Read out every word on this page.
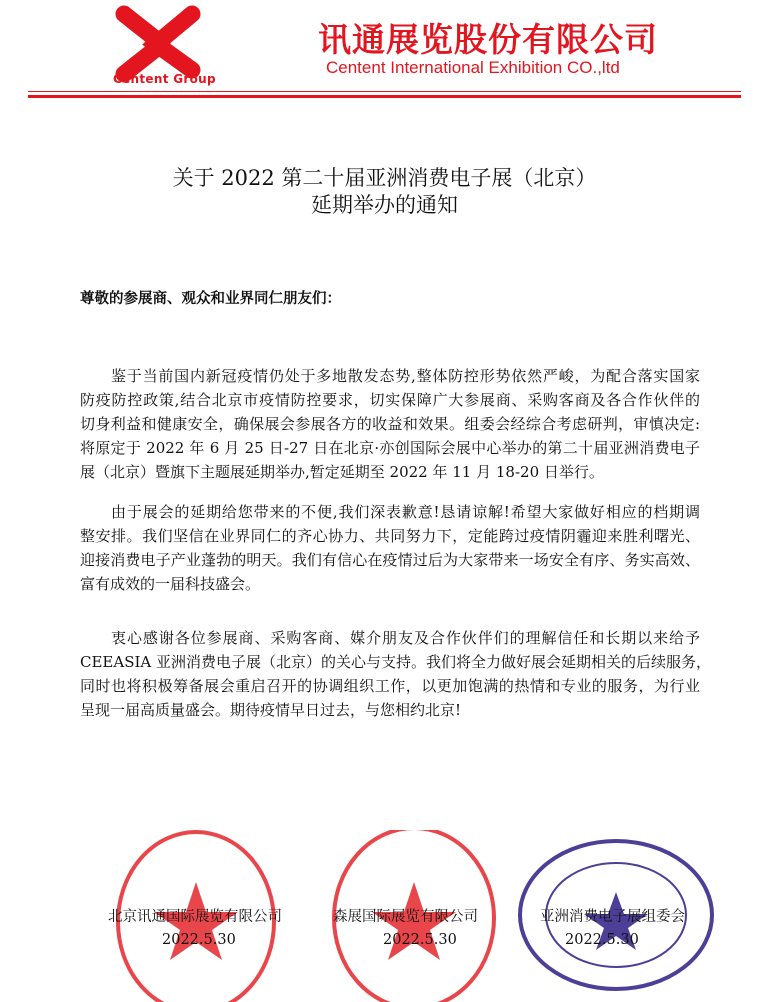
Centent Group
讯通展览股份有限公司
Centent International Exhibition CO.,ltd
关于 2022 第二十届亚洲消费电子展（北京）
延期举办的通知
尊敬的参展商、观众和业界同仁朋友们：
鉴于当前国内新冠疫情仍处于多地散发态势,整体防控形势依然严峻，为配合落实国家
防疫防控政策,结合北京市疫情防控要求，切实保障广大参展商、采购客商及各合作伙伴的
切身利益和健康安全，确保展会参展各方的收益和效果。组委会经综合考虑研判，审慎决定:
将原定于 2022 年 6 月 25 日-27 日在北京·亦创国际会展中心举办的第二十届亚洲消费电子
展（北京）暨旗下主题展延期举办,暂定延期至 2022 年 11 月 18-20 日举行。
由于展会的延期给您带来的不便,我们深表歉意!恳请谅解!希望大家做好相应的档期调
整安排。我们坚信在业界同仁的齐心协力、共同努力下，定能跨过疫情阴霾迎来胜利曙光、
迎接消费电子产业蓬勃的明天。我们有信心在疫情过后为大家带来一场安全有序、务实高效、
富有成效的一届科技盛会。
衷心感谢各位参展商、采购客商、媒介朋友及合作伙伴们的理解信任和长期以来给予
CEEASIA 亚洲消费电子展（北京）的关心与支持。我们将全力做好展会延期相关的后续服务，
同时也将积极筹备展会重启召开的协调组织工作，以更加饱满的热情和专业的服务，为行业
呈现一届高质量盛会。期待疫情早日过去，与您相约北京!
北京讯通国际展览有限公司
2022.5.30
森展国际展览有限公司
2022.5.30
亚洲消费电子展组委会
2022.5.30
